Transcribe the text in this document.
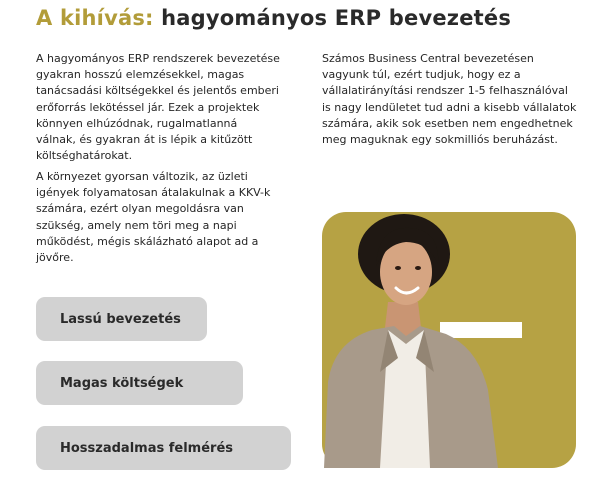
A kihívás: hagyományos ERP bevezetés

A hagyományos ERP rendszerek bevezetése gyakran hosszú elemzésekkel, magas tanácsadási költségekkel és jelentős emberi erőforrás lekötéssel jár. Ezek a projektek könnyen elhúzódnak, rugalmatlanná válnak, és gyakran át is lépik a kitűzött költséghatárokat.

A környezet gyorsan változik, az üzleti igények folyamatosan átalakulnak a KKV-k számára, ezért olyan megoldásra van szükség, amely nem töri meg a napi működést, mégis skálázható alapot ad a jövőre.

Számos Business Central bevezetésen vagyunk túl, ezért tudjuk, hogy ez a vállalatirányítási rendszer 1-5 felhasználóval is nagy lendületet tud adni a kisebb vállalatok számára, akik sok esetben nem engedhetnek meg maguknak egy sokmilliós beruházást.

Lassú bevezetés
Magas költségek
Hosszadalmas felmérés
